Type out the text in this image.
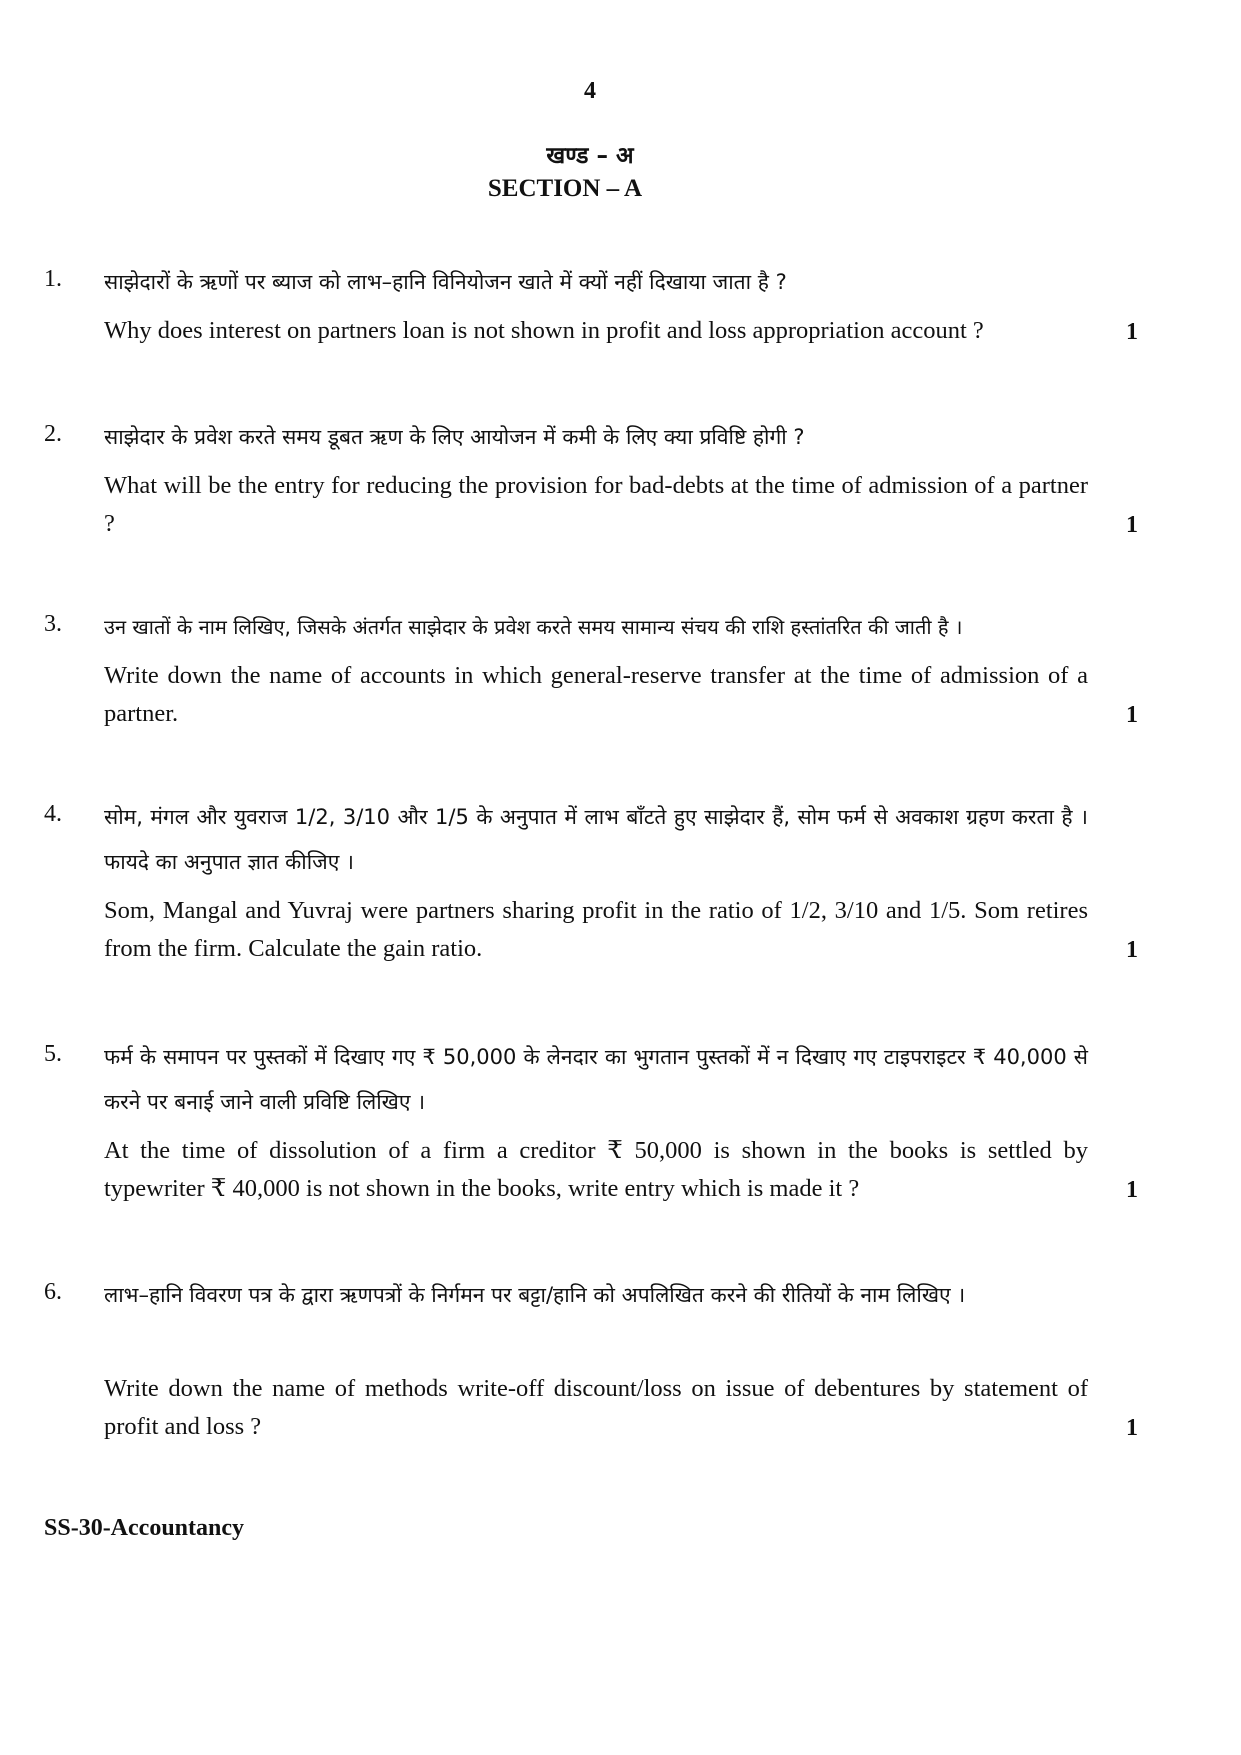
4
खण्ड – अ
SECTION – A
1. साझेदारों के ऋणों पर ब्याज को लाभ–हानि विनियोजन खाते में क्यों नहीं दिखाया जाता है ?
Why does interest on partners loan is not shown in profit and loss appropriation account ?	1
2. साझेदार के प्रवेश करते समय डूबत ऋण के लिए आयोजन में कमी के लिए क्या प्रविष्टि होगी ?
What will be the entry for reducing the provision for bad-debts at the time of admission of a partner ?	1
3. उन खातों के नाम लिखिए, जिसके अंतर्गत साझेदार के प्रवेश करते समय सामान्य संचय की राशि हस्तांतरित की जाती है ।
Write down the name of accounts in which general-reserve transfer at the time of admission of a partner.	1
4. सोम, मंगल और युवराज 1/2, 3/10 और 1/5 के अनुपात में लाभ बाँटते हुए साझेदार हैं, सोम फर्म से अवकाश ग्रहण करता है । फायदे का अनुपात ज्ञात कीजिए ।
Som, Mangal and Yuvraj were partners sharing profit in the ratio of 1/2, 3/10 and 1/5. Som retires from the firm. Calculate the gain ratio.	1
5. फर्म के समापन पर पुस्तकों में दिखाए गए ₹ 50,000 के लेनदार का भुगतान पुस्तकों में न दिखाए गए टाइपराइटर ₹ 40,000 से करने पर बनाई जाने वाली प्रविष्टि लिखिए ।
At the time of dissolution of a firm a creditor ₹ 50,000 is shown in the books is settled by typewriter ₹ 40,000 is not shown in the books, write entry which is made it ?	1
6. लाभ–हानि विवरण पत्र के द्वारा ऋणपत्रों के निर्गमन पर बट्टा/हानि को अपलिखित करने की रीतियों के नाम लिखिए ।
Write down the name of methods write-off discount/loss on issue of debentures by statement of profit and loss ?	1
SS-30-Accountancy
